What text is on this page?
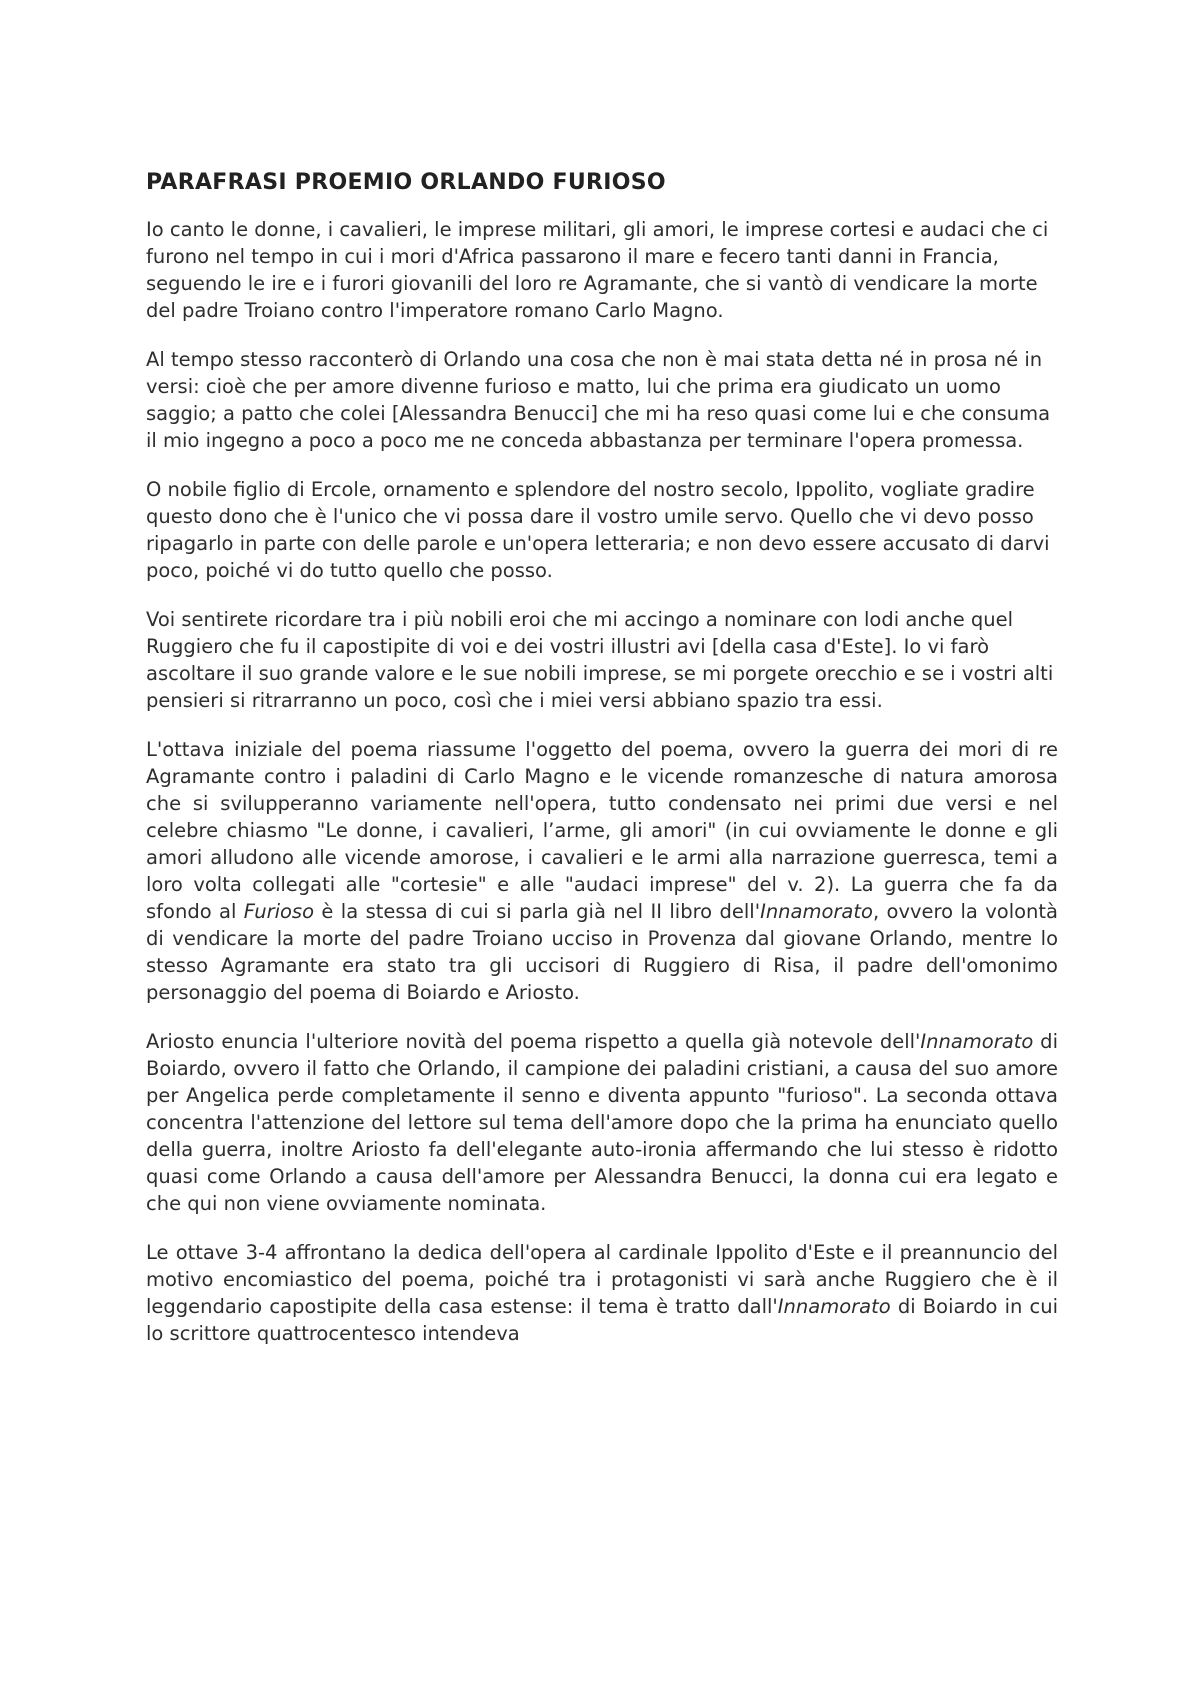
PARAFRASI PROEMIO ORLANDO FURIOSO

Io canto le donne, i cavalieri, le imprese militari, gli amori, le imprese cortesi e audaci che ci furono nel tempo in cui i mori d'Africa passarono il mare e fecero tanti danni in Francia, seguendo le ire e i furori giovanili del loro re Agramante, che si vantò di vendicare la morte del padre Troiano contro l'imperatore romano Carlo Magno.

Al tempo stesso racconterò di Orlando una cosa che non è mai stata detta né in prosa né in versi: cioè che per amore divenne furioso e matto, lui che prima era giudicato un uomo saggio; a patto che colei [Alessandra Benucci] che mi ha reso quasi come lui e che consuma il mio ingegno a poco a poco me ne conceda abbastanza per terminare l'opera promessa.

O nobile figlio di Ercole, ornamento e splendore del nostro secolo, Ippolito, vogliate gradire questo dono che è l'unico che vi possa dare il vostro umile servo. Quello che vi devo posso ripagarlo in parte con delle parole e un'opera letteraria; e non devo essere accusato di darvi poco, poiché vi do tutto quello che posso.

Voi sentirete ricordare tra i più nobili eroi che mi accingo a nominare con lodi anche quel Ruggiero che fu il capostipite di voi e dei vostri illustri avi [della casa d'Este]. Io vi farò ascoltare il suo grande valore e le sue nobili imprese, se mi porgete orecchio e se i vostri alti pensieri si ritrarranno un poco, così che i miei versi abbiano spazio tra essi.

L'ottava iniziale del poema riassume l'oggetto del poema, ovvero la guerra dei mori di re Agramante contro i paladini di Carlo Magno e le vicende romanzesche di natura amorosa che si svilupperanno variamente nell'opera, tutto condensato nei primi due versi e nel celebre chiasmo "Le donne, i cavalieri, l’arme, gli amori" (in cui ovviamente le donne e gli amori alludono alle vicende amorose, i cavalieri e le armi alla narrazione guerresca, temi a loro volta collegati alle "cortesie" e alle "audaci imprese" del v. 2). La guerra che fa da sfondo al Furioso è la stessa di cui si parla già nel II libro dell'Innamorato, ovvero la volontà di vendicare la morte del padre Troiano ucciso in Provenza dal giovane Orlando, mentre lo stesso Agramante era stato tra gli uccisori di Ruggiero di Risa, il padre dell'omonimo personaggio del poema di Boiardo e Ariosto.

Ariosto enuncia l'ulteriore novità del poema rispetto a quella già notevole dell'Innamorato di Boiardo, ovvero il fatto che Orlando, il campione dei paladini cristiani, a causa del suo amore per Angelica perde completamente il senno e diventa appunto "furioso". La seconda ottava concentra l'attenzione del lettore sul tema dell'amore dopo che la prima ha enunciato quello della guerra, inoltre Ariosto fa dell'elegante auto-ironia affermando che lui stesso è ridotto quasi come Orlando a causa dell'amore per Alessandra Benucci, la donna cui era legato e che qui non viene ovviamente nominata.

Le ottave 3-4 affrontano la dedica dell'opera al cardinale Ippolito d'Este e il preannuncio del motivo encomiastico del poema, poiché tra i protagonisti vi sarà anche Ruggiero che è il leggendario capostipite della casa estense: il tema è tratto dall'Innamorato di Boiardo in cui lo scrittore quattrocentesco intendeva
